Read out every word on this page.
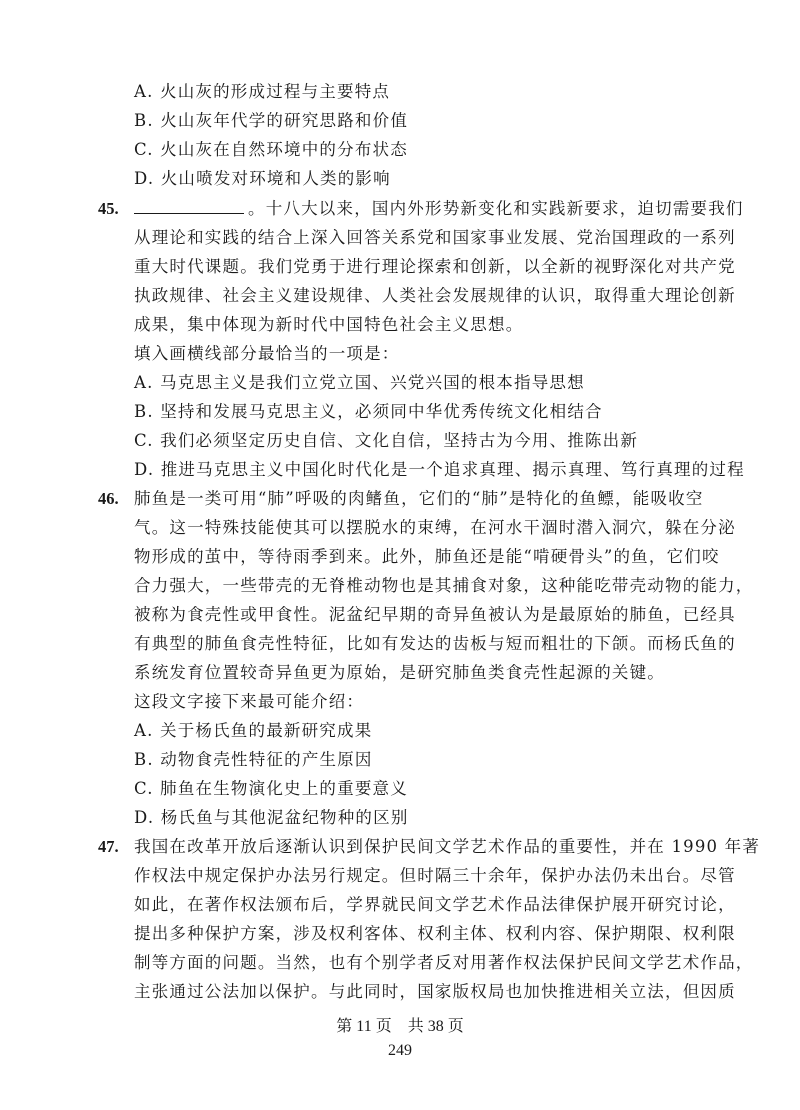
A. 火山灰的形成过程与主要特点
B. 火山灰年代学的研究思路和价值
C. 火山灰在自然环境中的分布状态
D. 火山喷发对环境和人类的影响
45.	。十八大以来，国内外形势新变化和实践新要求，迫切需要我们
从理论和实践的结合上深入回答关系党和国家事业发展、党治国理政的一系列
重大时代课题。我们党勇于进行理论探索和创新，以全新的视野深化对共产党
执政规律、社会主义建设规律、人类社会发展规律的认识，取得重大理论创新
成果，集中体现为新时代中国特色社会主义思想。
填入画横线部分最恰当的一项是：
A. 马克思主义是我们立党立国、兴党兴国的根本指导思想
B. 坚持和发展马克思主义，必须同中华优秀传统文化相结合
C. 我们必须坚定历史自信、文化自信，坚持古为今用、推陈出新
D. 推进马克思主义中国化时代化是一个追求真理、揭示真理、笃行真理的过程
46. 肺鱼是一类可用“肺”呼吸的肉鳍鱼，它们的“肺”是特化的鱼鳔，能吸收空
气。这一特殊技能使其可以摆脱水的束缚，在河水干涸时潜入洞穴，躲在分泌
物形成的茧中，等待雨季到来。此外，肺鱼还是能“啃硬骨头”的鱼，它们咬
合力强大，一些带壳的无脊椎动物也是其捕食对象，这种能吃带壳动物的能力，
被称为食壳性或甲食性。泥盆纪早期的奇异鱼被认为是最原始的肺鱼，已经具
有典型的肺鱼食壳性特征，比如有发达的齿板与短而粗壮的下颌。而杨氏鱼的
系统发育位置较奇异鱼更为原始，是研究肺鱼类食壳性起源的关键。
这段文字接下来最可能介绍：
A. 关于杨氏鱼的最新研究成果
B. 动物食壳性特征的产生原因
C. 肺鱼在生物演化史上的重要意义
D. 杨氏鱼与其他泥盆纪物种的区别
47. 我国在改革开放后逐渐认识到保护民间文学艺术作品的重要性，并在 1990 年著
作权法中规定保护办法另行规定。但时隔三十余年，保护办法仍未出台。尽管
如此，在著作权法颁布后，学界就民间文学艺术作品法律保护展开研究讨论，
提出多种保护方案，涉及权利客体、权利主体、权利内容、保护期限、权利限
制等方面的问题。当然，也有个别学者反对用著作权法保护民间文学艺术作品，
主张通过公法加以保护。与此同时，国家版权局也加快推进相关立法，但因质
第 11 页　共 38 页
249
